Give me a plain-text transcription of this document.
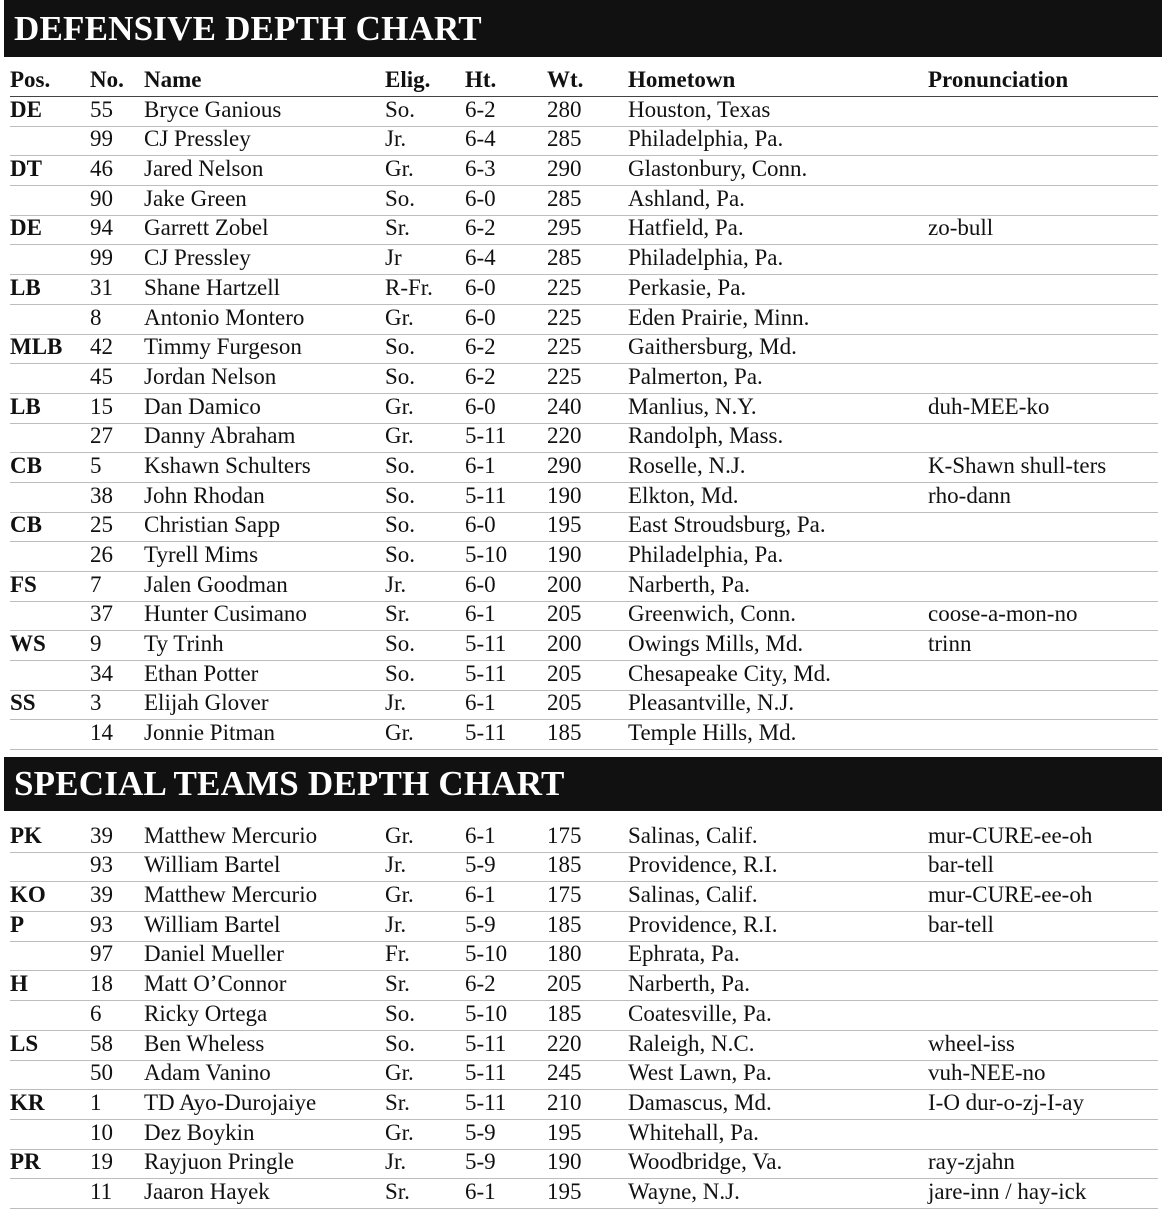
DEFENSIVE DEPTH CHART
Pos. No. Name	Elig. Ht. Wt. Hometown	Pronunciation
DE 55 Bryce Ganious	So. 6-2 280 Houston, Texas
99 CJ Pressley	Jr.	6-4 285 Philadelphia, Pa.
DT 46 Jared Nelson	Gr. 6-3 290 Glastonbury, Conn.
90 Jake Green	So. 6-0 285 Ashland, Pa.
DE 94 Garrett Zobel	Sr. 6-2 295 Hatfield, Pa.	zo-bull
99 CJ Pressley	Jr	6-4 285 Philadelphia, Pa.
LB 31 Shane Hartzell	R-Fr. 6-0 225 Perkasie, Pa.
8 Antonio Montero	Gr. 6-0 225 Eden Prairie, Minn.
MLB 42 Timmy Furgeson	So. 6-2 225 Gaithersburg, Md.
45 Jordan Nelson	So. 6-2 225 Palmerton, Pa.
LB 15 Dan Damico	Gr. 6-0 240 Manlius, N.Y.	duh-MEE-ko
27 Danny Abraham	Gr. 5-11 220 Randolph, Mass.
CB 5 Kshawn Schulters	So. 6-1 290 Roselle, N.J.	K-Shawn shull-ters
38 John Rhodan	So. 5-11 190 Elkton, Md.	rho-dann
CB 25 Christian Sapp	So. 6-0 195 East Stroudsburg, Pa.
26 Tyrell Mims	So. 5-10 190 Philadelphia, Pa.
FS 7 Jalen Goodman	Jr.	6-0 200 Narberth, Pa.
37 Hunter Cusimano	Sr. 6-1 205 Greenwich, Conn.	coose-a-mon-no
WS 9 Ty Trinh	So. 5-11 200 Owings Mills, Md.	trinn
34 Ethan Potter	So. 5-11 205 Chesapeake City, Md.
SS 3 Elijah Glover	Jr.	6-1 205 Pleasantville, N.J.
14 Jonnie Pitman	Gr. 5-11 185 Temple Hills, Md.
SPECIAL TEAMS DEPTH CHART
PK 39 Matthew Mercurio	Gr. 6-1 175 Salinas, Calif.	mur-CURE-ee-oh
93 William Bartel	Jr.	5-9 185 Providence, R.I.	bar-tell
KO 39 Matthew Mercurio	Gr. 6-1 175 Salinas, Calif.	mur-CURE-ee-oh
P	93 William Bartel	Jr.	5-9 185 Providence, R.I.	bar-tell
97 Daniel Mueller	Fr. 5-10 180 Ephrata, Pa.
H	18 Matt O’Connor	Sr. 6-2 205 Narberth, Pa.
6 Ricky Ortega	So. 5-10 185 Coatesville, Pa.
LS 58 Ben Wheless	So. 5-11 220 Raleigh, N.C.	wheel-iss
50 Adam Vanino	Gr. 5-11 245 West Lawn, Pa.	vuh-NEE-no
KR 1 TD Ayo-Durojaiye	Sr. 5-11 210 Damascus, Md.	I-O dur-o-zj-I-ay
10 Dez Boykin	Gr. 5-9 195 Whitehall, Pa.
PR 19 Rayjuon Pringle	Jr.	5-9 190 Woodbridge, Va.	ray-zjahn
11 Jaaron Hayek	Sr. 6-1 195 Wayne, N.J.	jare-inn / hay-ick
